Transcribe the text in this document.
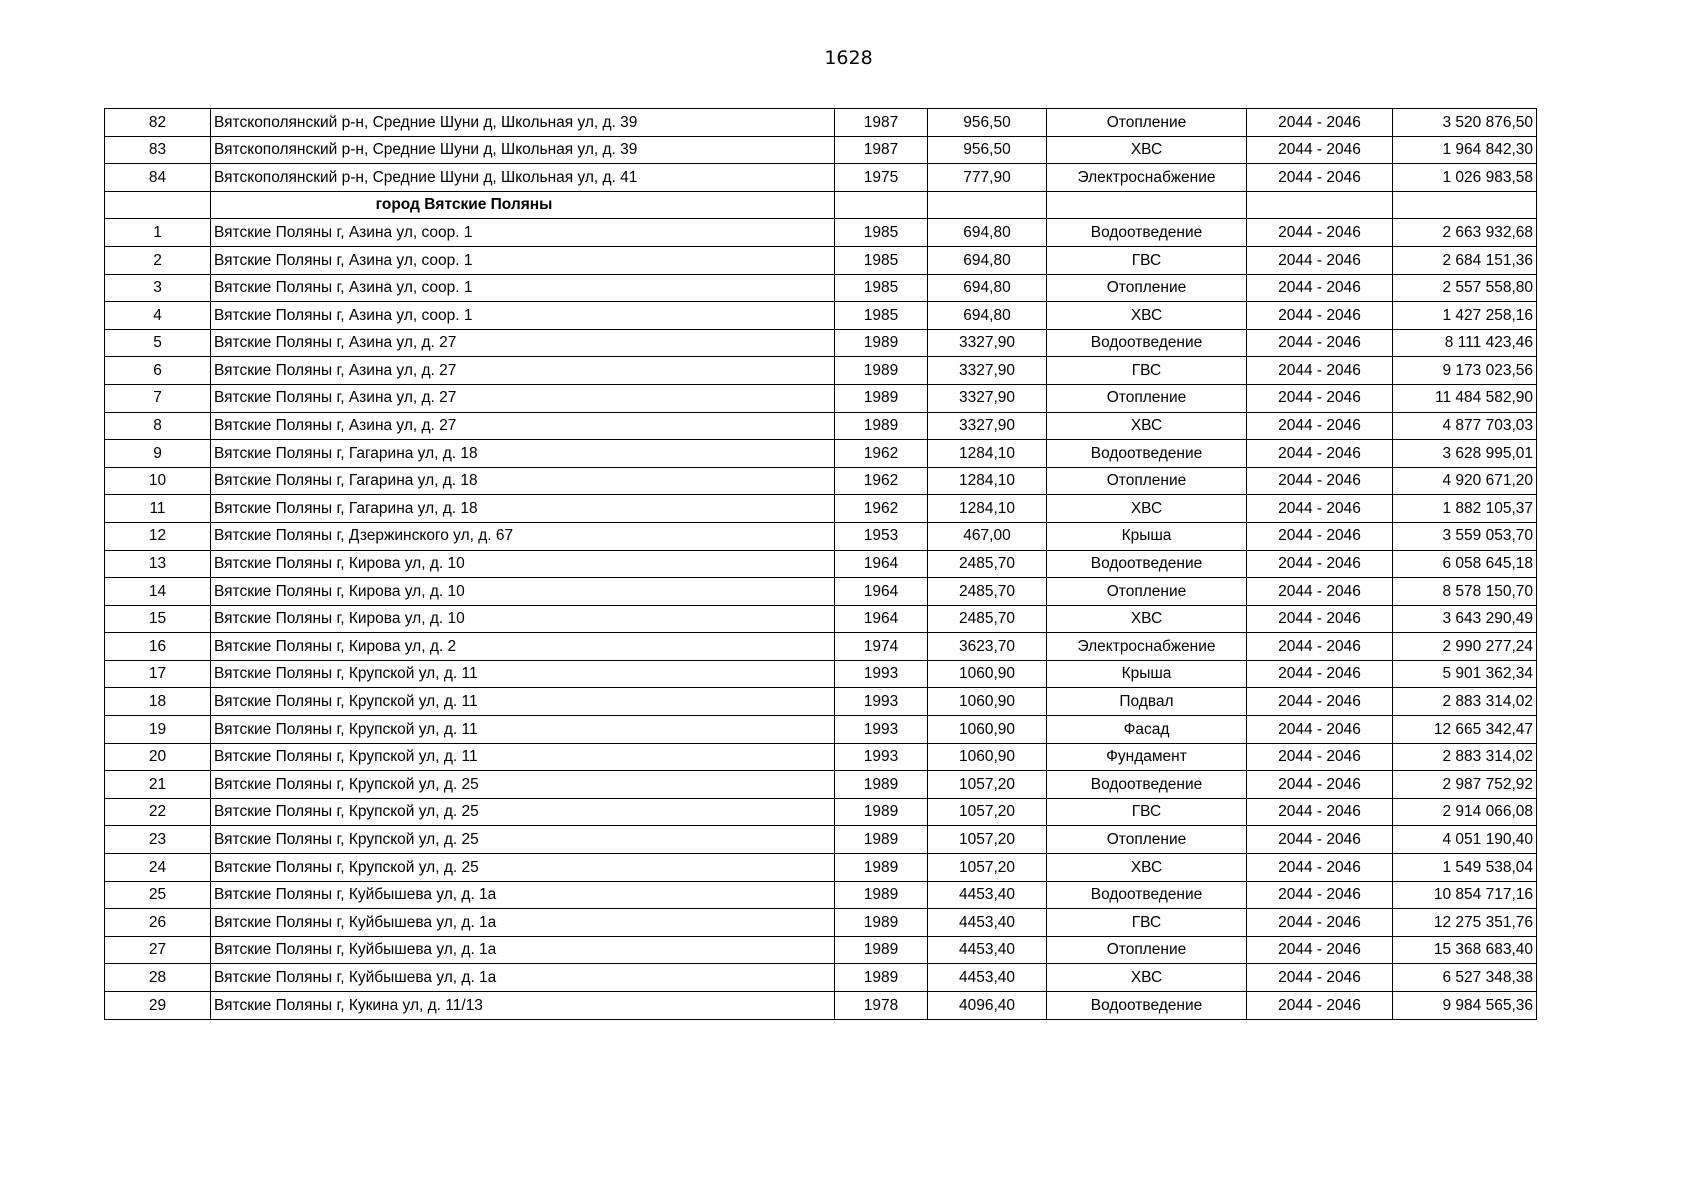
1628
82	Вятскополянский р-н, Средние Шуни д, Школьная ул, д. 39	1987	956,50	Отопление	2044 - 2046	3 520 876,50
83	Вятскополянский р-н, Средние Шуни д, Школьная ул, д. 39	1987	956,50	ХВС	2044 - 2046	1 964 842,30
84	Вятскополянский р-н, Средние Шуни д, Школьная ул, д. 41	1975	777,90	Электроснабжение	2044 - 2046	1 026 983,58
	город Вятские Поляны					
1	Вятские Поляны г, Азина ул, соор. 1	1985	694,80	Водоотведение	2044 - 2046	2 663 932,68
2	Вятские Поляны г, Азина ул, соор. 1	1985	694,80	ГВС	2044 - 2046	2 684 151,36
3	Вятские Поляны г, Азина ул, соор. 1	1985	694,80	Отопление	2044 - 2046	2 557 558,80
4	Вятские Поляны г, Азина ул, соор. 1	1985	694,80	ХВС	2044 - 2046	1 427 258,16
5	Вятские Поляны г, Азина ул, д. 27	1989	3327,90	Водоотведение	2044 - 2046	8 111 423,46
6	Вятские Поляны г, Азина ул, д. 27	1989	3327,90	ГВС	2044 - 2046	9 173 023,56
7	Вятские Поляны г, Азина ул, д. 27	1989	3327,90	Отопление	2044 - 2046	11 484 582,90
8	Вятские Поляны г, Азина ул, д. 27	1989	3327,90	ХВС	2044 - 2046	4 877 703,03
9	Вятские Поляны г, Гагарина ул, д. 18	1962	1284,10	Водоотведение	2044 - 2046	3 628 995,01
10	Вятские Поляны г, Гагарина ул, д. 18	1962	1284,10	Отопление	2044 - 2046	4 920 671,20
11	Вятские Поляны г, Гагарина ул, д. 18	1962	1284,10	ХВС	2044 - 2046	1 882 105,37
12	Вятские Поляны г, Дзержинского ул, д. 67	1953	467,00	Крыша	2044 - 2046	3 559 053,70
13	Вятские Поляны г, Кирова ул, д. 10	1964	2485,70	Водоотведение	2044 - 2046	6 058 645,18
14	Вятские Поляны г, Кирова ул, д. 10	1964	2485,70	Отопление	2044 - 2046	8 578 150,70
15	Вятские Поляны г, Кирова ул, д. 10	1964	2485,70	ХВС	2044 - 2046	3 643 290,49
16	Вятские Поляны г, Кирова ул, д. 2	1974	3623,70	Электроснабжение	2044 - 2046	2 990 277,24
17	Вятские Поляны г, Крупской ул, д. 11	1993	1060,90	Крыша	2044 - 2046	5 901 362,34
18	Вятские Поляны г, Крупской ул, д. 11	1993	1060,90	Подвал	2044 - 2046	2 883 314,02
19	Вятские Поляны г, Крупской ул, д. 11	1993	1060,90	Фасад	2044 - 2046	12 665 342,47
20	Вятские Поляны г, Крупской ул, д. 11	1993	1060,90	Фундамент	2044 - 2046	2 883 314,02
21	Вятские Поляны г, Крупской ул, д. 25	1989	1057,20	Водоотведение	2044 - 2046	2 987 752,92
22	Вятские Поляны г, Крупской ул, д. 25	1989	1057,20	ГВС	2044 - 2046	2 914 066,08
23	Вятские Поляны г, Крупской ул, д. 25	1989	1057,20	Отопление	2044 - 2046	4 051 190,40
24	Вятские Поляны г, Крупской ул, д. 25	1989	1057,20	ХВС	2044 - 2046	1 549 538,04
25	Вятские Поляны г, Куйбышева ул, д. 1а	1989	4453,40	Водоотведение	2044 - 2046	10 854 717,16
26	Вятские Поляны г, Куйбышева ул, д. 1а	1989	4453,40	ГВС	2044 - 2046	12 275 351,76
27	Вятские Поляны г, Куйбышева ул, д. 1а	1989	4453,40	Отопление	2044 - 2046	15 368 683,40
28	Вятские Поляны г, Куйбышева ул, д. 1а	1989	4453,40	ХВС	2044 - 2046	6 527 348,38
29	Вятские Поляны г, Кукина ул, д. 11/13	1978	4096,40	Водоотведение	2044 - 2046	9 984 565,36
